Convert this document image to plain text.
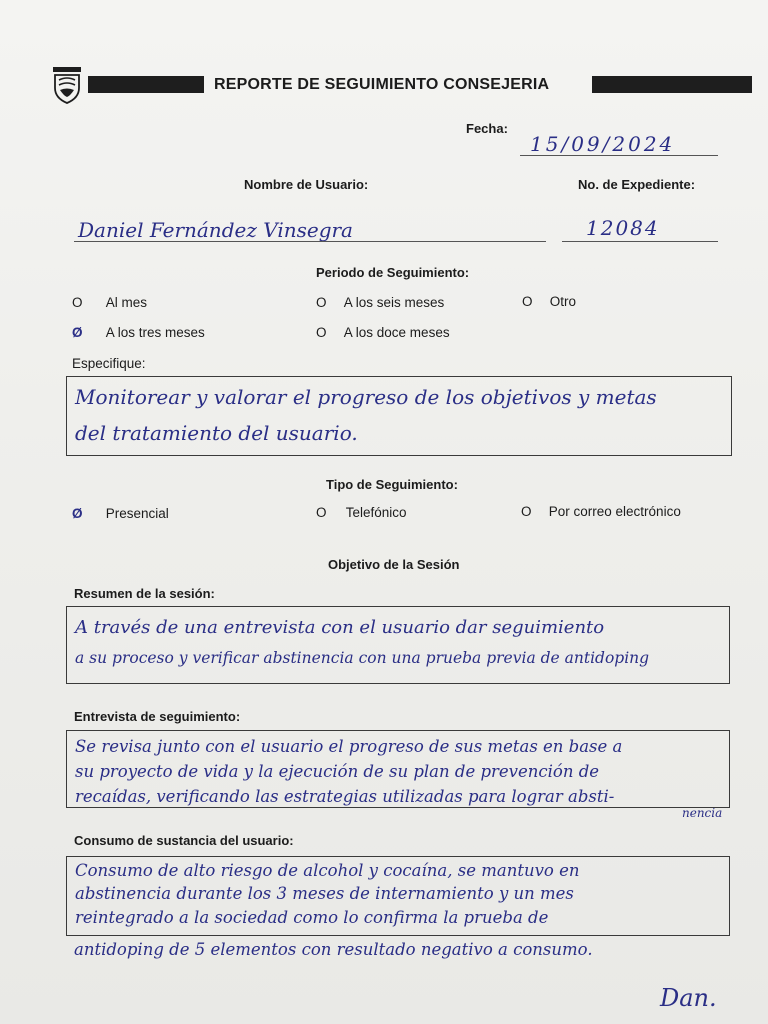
REPORTE DE SEGUIMIENTO CONSEJERIA
Fecha:
15/09/2024
Nombre de Usuario:	No. de Expediente:
Daniel Fernández Vinsegra	12084
Periodo de Seguimiento:
O Al mes	O A los seis meses	O Otro
Ø A los tres meses	O A los doce meses
Especifique:
Monitorear y valorar el progreso de los objetivos y metas
del tratamiento del usuario.
Tipo de Seguimiento:
Ø Presencial	O Telefónico	O Por correo electrónico
Objetivo de la Sesión
Resumen de la sesión:
A través de una entrevista con el usuario dar seguimiento
a su proceso y verificar abstinencia con una prueba previa de antidoping
Entrevista de seguimiento:
Se revisa junto con el usuario el progreso de sus metas en base a
su proyecto de vida y la ejecución de su plan de prevención de
recaídas, verificando las estrategias utilizadas para lograr absti-
nencia
Consumo de sustancia del usuario:
Consumo de alto riesgo de alcohol y cocaína, se mantuvo en
abstinencia durante los 3 meses de internamiento y un mes
reintegrado a la sociedad como lo confirma la prueba de
antidoping de 5 elementos con resultado negativo a consumo.
Dan.
